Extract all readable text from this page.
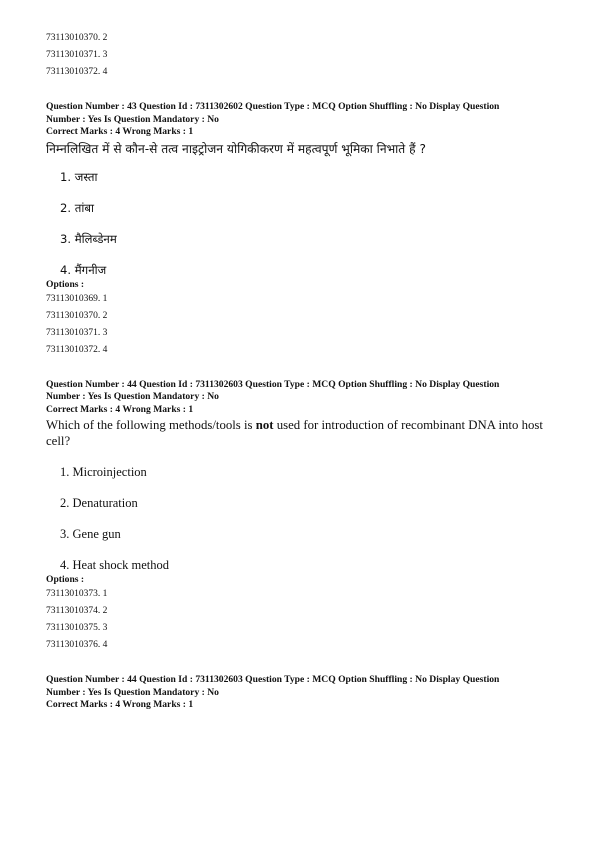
73113010370. 2
73113010371. 3
73113010372. 4
Question Number : 43 Question Id : 7311302602 Question Type : MCQ Option Shuffling : No Display Question
Number : Yes Is Question Mandatory : No
Correct Marks : 4 Wrong Marks : 1
निम्नलिखित में से कौन-से तत्व नाइट्रोजन योगिकीकरण में महत्वपूर्ण भूमिका निभाते हैं ?
1. जस्ता
2. तांबा
3. मैलिब्डेनम
4. मैंगनीज
Options :
73113010369. 1
73113010370. 2
73113010371. 3
73113010372. 4
Question Number : 44 Question Id : 7311302603 Question Type : MCQ Option Shuffling : No Display Question
Number : Yes Is Question Mandatory : No
Correct Marks : 4 Wrong Marks : 1
Which of the following methods/tools is not used for introduction of recombinant DNA into host cell?
1. Microinjection
2. Denaturation
3. Gene gun
4. Heat shock method
Options :
73113010373. 1
73113010374. 2
73113010375. 3
73113010376. 4
Question Number : 44 Question Id : 7311302603 Question Type : MCQ Option Shuffling : No Display Question
Number : Yes Is Question Mandatory : No
Correct Marks : 4 Wrong Marks : 1
